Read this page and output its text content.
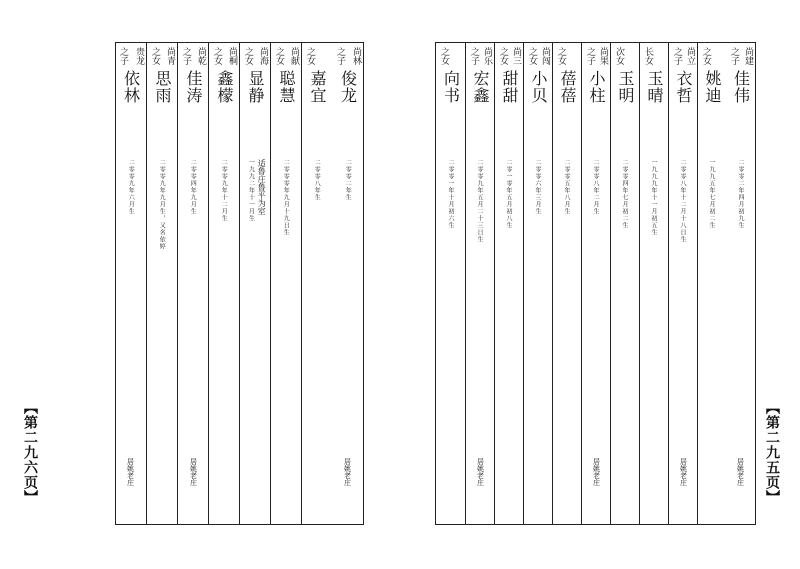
【第二九六页】
尚林
之子
俊龙
二零零二年生
居姚老庄
之女
嘉宜
二零零八年生
尚献
之女
聪慧
二零零零年九月十九日生
尚海
之女
显静
一九九二年十一月生 适鲁庄鲁平为室
尚桐
之女
鑫檬
二零零九年十二月生
尚乾
之子
佳涛
二零零四年九月生
居姚老庄
尚青
之女
思雨
二零零九年九月生，又名依婷
贵龙
之子
依林
二零零九年六月生
居姚老庄	【第二九五页】
尚建
之子
佳伟
二零零二年四月初九生
居姚老庄
之女
姚迪
一九九五年七月初二生
尚立
之子
衣哲
二零零八年十二月十八日生
居姚老庄
长女
玉晴
一九九九年十一月初五生
次女
玉明
二零零四年七月初二生
尚果
之子
小柱
二零零八年二月生
居姚老庄
之女
蓓蓓
二零零五年八月生
尚闯
之女
小贝
二零零六年三月生
尚三
之女
甜甜
二零一零年五月初八生
尚乐
之子
宏鑫
二零零九年五月二十三日生
居姚老庄
之女
向书
二零零一年十月初六生
